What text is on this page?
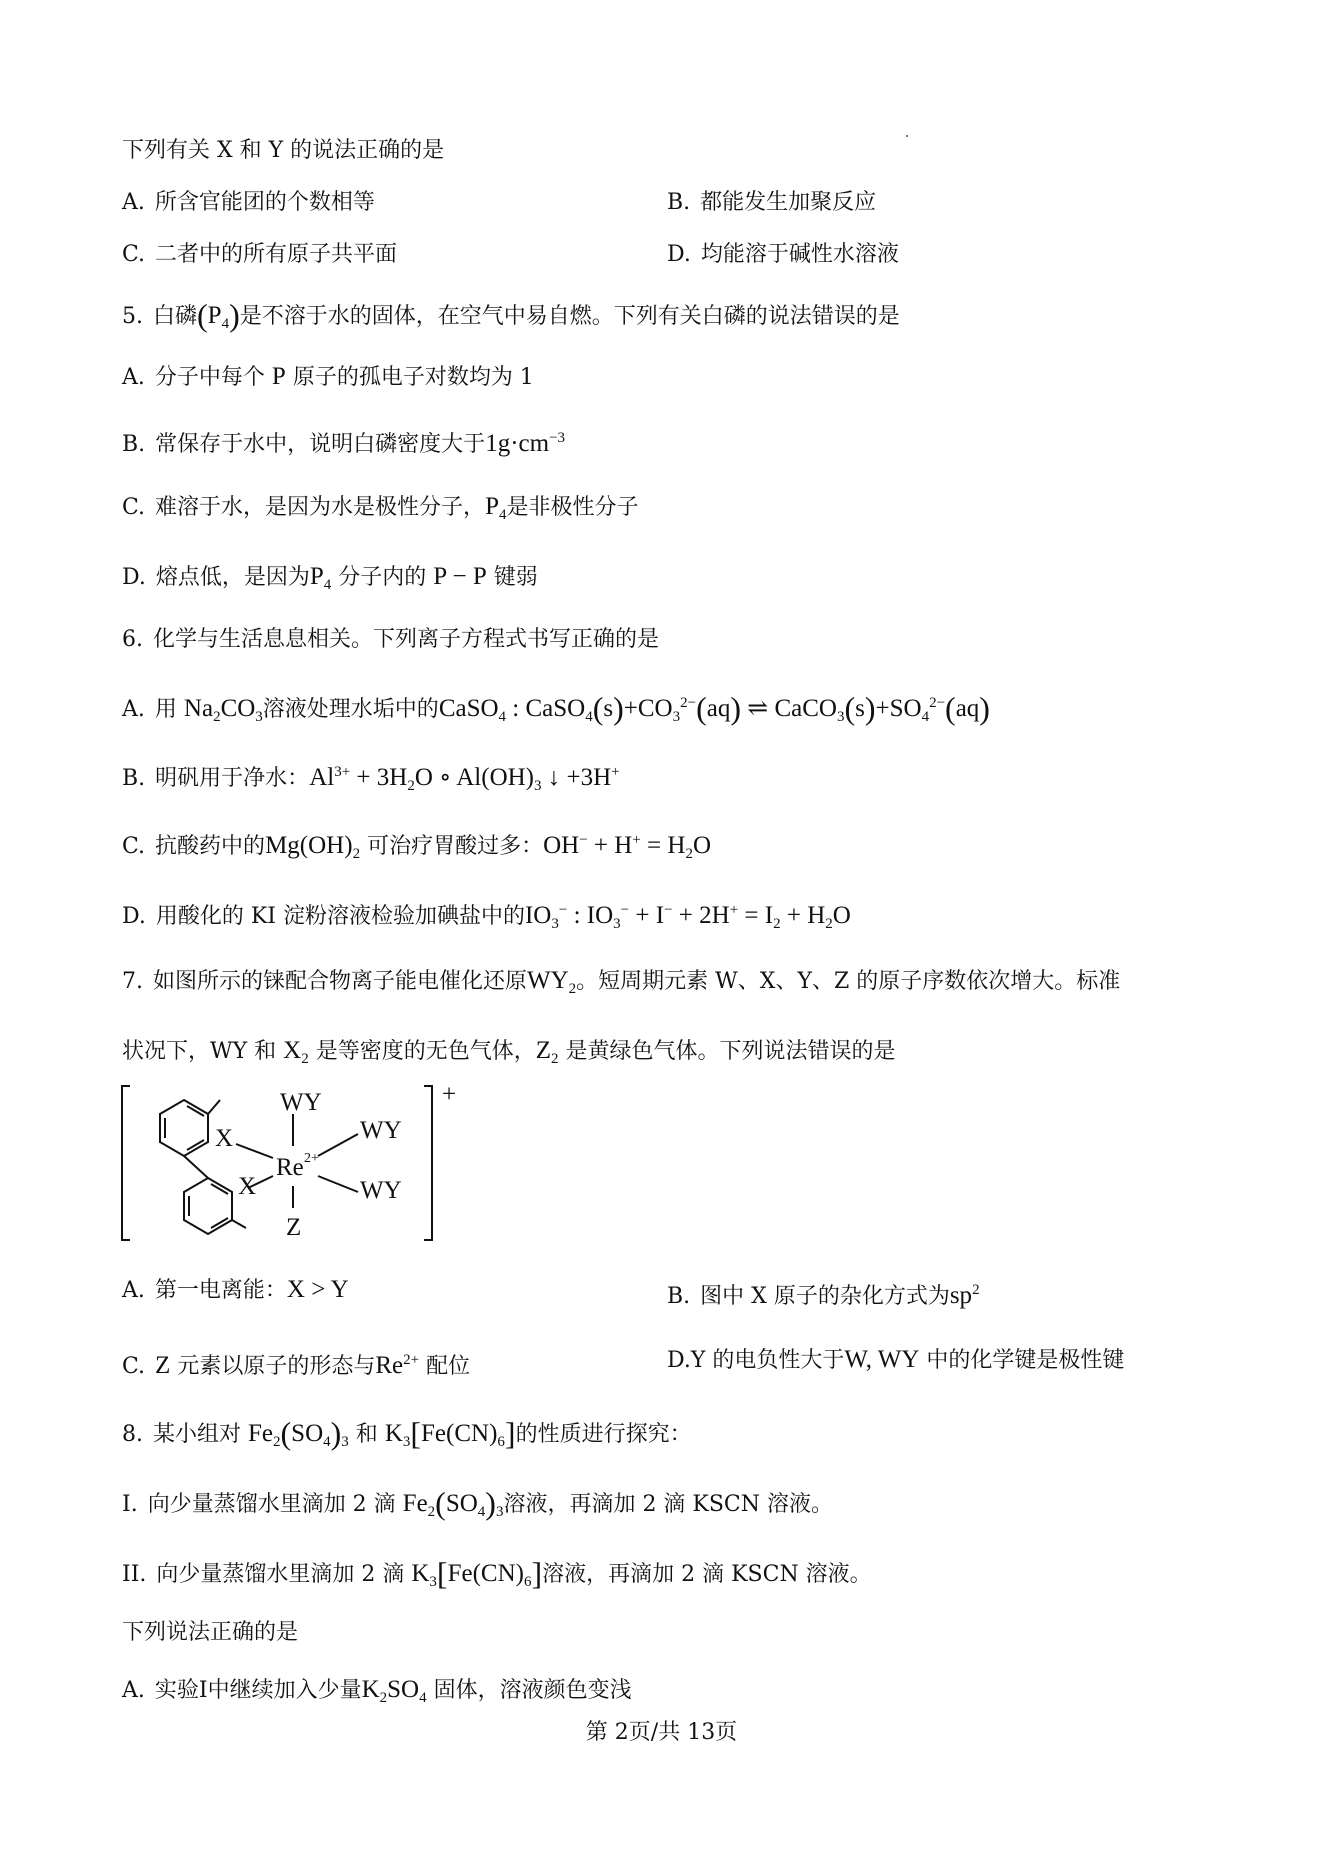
下列有关 X 和 Y 的说法正确的是
A. 所含官能团的个数相等	B. 都能发生加聚反应
C. 二者中的所有原子共平面	D. 均能溶于碱性水溶液
5. 白磷$(P_4)$是不溶于水的固体，在空气中易自燃。下列有关白磷的说法错误的是
A. 分子中每个 P 原子的孤电子对数均为 1
B. 常保存于水中，说明白磷密度大于$1g\cdot cm^{-3}$
C. 难溶于水，是因为水是极性分子，$P_4$是非极性分子
D. 熔点低，是因为$P_4$ 分子内的 P − P 键弱
6. 化学与生活息息相关。下列离子方程式书写正确的是
A. 用 $Na_2CO_3$溶液处理水垢中的CaSO$_4$ : $CaSO_4(s)+CO_3^{2-}(aq)$ ⇌ $CaCO_3(s)+SO_4^{2-}(aq)$
B. 明矾用于净水：$Al^{3+} + 3H_2O$ ∘ $Al(OH)_3$ ↓ +3H+
C. 抗酸药中的$Mg(OH)_2$ 可治疗胃酸过多：$OH^- + H^+ = H_2O$
D. 用酸化的 KI 淀粉溶液检验加碘盐中的$IO_3^-$ : $IO_3^- + I^- + 2H^+ = I_2 + H_2O$
7. 如图所示的铼配合物离子能电催化还原$WY_2$。短周期元素 W、X、Y、Z 的原子序数依次增大。标准
状况下，WY 和 $X_2$ 是等密度的无色气体，$Z_2$ 是黄绿色气体。下列说法错误的是
WY
WY
WY
X
X
Z
Re
+
2+
A. 第一电离能：X > Y	B. 图中 X 原子的杂化方式为$sp^2$
C. Z 元素以原子的形态与$Re^{2+}$ 配位	D.Y 的电负性大于W, WY 中的化学键是极性键
8. 某小组对 $Fe_2(SO_4)_3$ 和 $K_3[Fe(CN)_6]$的性质进行探究：
I. 向少量蒸馏水里滴加 2 滴 $Fe_2(SO_4)_3$溶液，再滴加 2 滴 KSCN 溶液。
II. 向少量蒸馏水里滴加 2 滴 $K_3[Fe(CN)_6]$溶液，再滴加 2 滴 KSCN 溶液。
下列说法正确的是
A. 实验I中继续加入少量$K_2SO_4$ 固体，溶液颜色变浅
第 2页/共 13页
